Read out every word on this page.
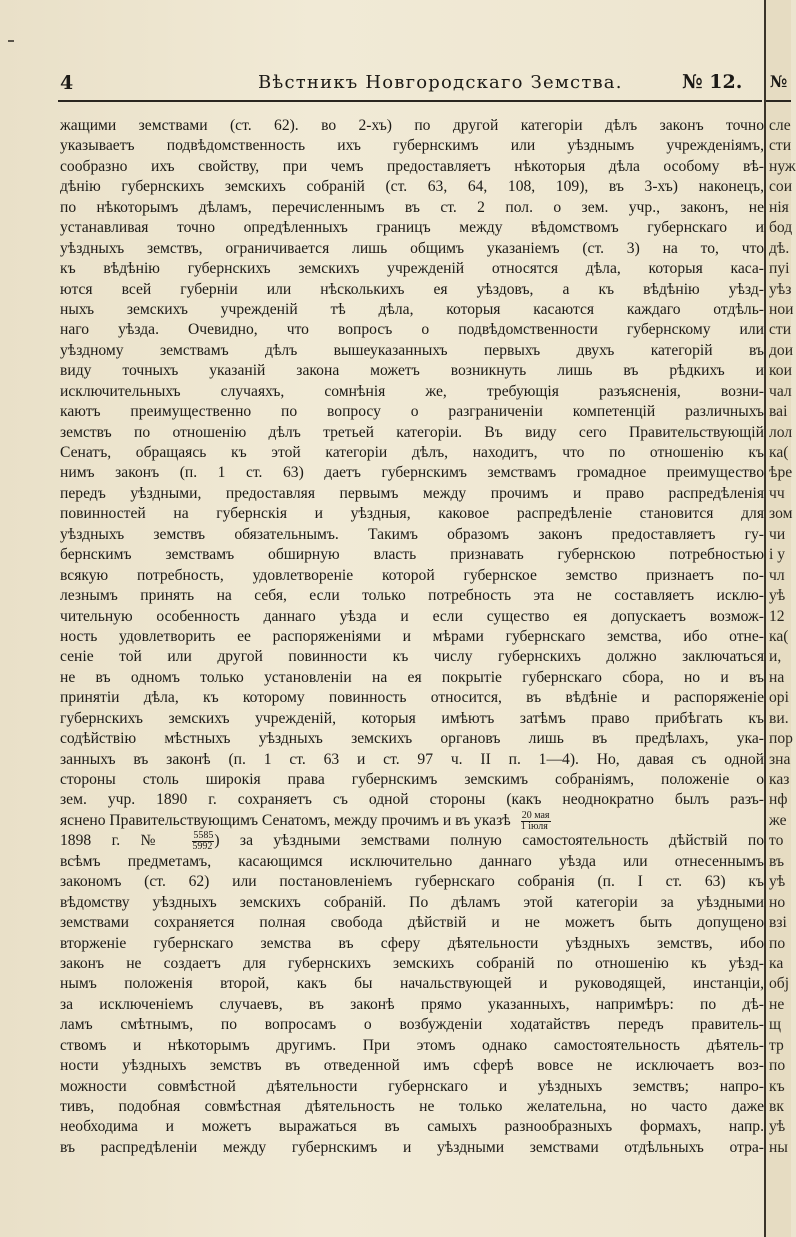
4	Вѣстникъ Новгородскаго Земства.	№ 12.
жащими земствами (ст. 62). во 2-хъ) по другой категоріи дѣлъ законъ точно
указываетъ подвѣдомственность ихъ губернскимъ или уѣзднымъ учрежденіямъ,
сообразно ихъ свойству, при чемъ предоставляетъ нѣкоторыя дѣла особому вѣ-
дѣнію губернскихъ земскихъ собраній (ст. 63, 64, 108, 109), въ 3-хъ) наконецъ,
по нѣкоторымъ дѣламъ, перечисленнымъ въ ст. 2 пол. о зем. учр., законъ, не
устанавливая точно опредѣленныхъ границъ между вѣдомствомъ губернскаго и
уѣздныхъ земствъ, ограничивается лишь общимъ указаніемъ (ст. 3) на то, что
къ вѣдѣнію губернскихъ земскихъ учрежденій относятся дѣла, которыя каса-
ются всей губерніи или нѣсколькихъ ея уѣздовъ, а къ вѣдѣнію уѣзд-
ныхъ земскихъ учрежденій тѣ дѣла, которыя касаются каждаго отдѣль-
наго уѣзда. Очевидно, что вопросъ о подвѣдомственности губернскому или
уѣздному земствамъ дѣлъ вышеуказанныхъ первыхъ двухъ категорій въ
виду точныхъ указаній закона можетъ возникнуть лишь въ рѣдкихъ и
исключительныхъ случаяхъ, сомнѣнія же, требующія разъясненія, возни-
каютъ преимущественно по вопросу о разграниченіи компетенцій различныхъ
земствъ по отношенію дѣлъ третьей категоріи. Въ виду сего Правительствующій
Сенатъ, обращаясь къ этой категоріи дѣлъ, находитъ, что по отношенію къ
нимъ законъ (п. 1 ст. 63) даетъ губернскимъ земствамъ громадное преимущество
передъ уѣздными, предоставляя первымъ между прочимъ и право распредѣленія
повинностей на губернскія и уѣздныя, каковое распредѣленіе становится для
уѣздныхъ земствъ обязательнымъ. Такимъ образомъ законъ предоставляетъ гу-
бернскимъ земствамъ обширную власть признавать губернскою потребностью
всякую потребность, удовлетвореніе которой губернское земство признаетъ по-
лезнымъ принять на себя, если только потребность эта не составляетъ исклю-
чительную особенность даннаго уѣзда и если существо ея допускаетъ возмож-
ность удовлетворить ее распоряженіями и мѣрами губернскаго земства, ибо отне-
сеніе той или другой повинности къ числу губернскихъ должно заключаться
не въ одномъ только установленіи на ея покрытіе губернскаго сбора, но и въ
принятіи дѣла, къ которому повинность относится, въ вѣдѣніе и распоряженіе
губернскихъ земскихъ учрежденій, которыя имѣютъ затѣмъ право прибѣгать къ
содѣйствію мѣстныхъ уѣздныхъ земскихъ органовъ лишь въ предѣлахъ, ука-
занныхъ въ законѣ (п. 1 ст. 63 и ст. 97 ч. II п. 1—4). Но, давая съ одной
стороны столь широкія права губернскимъ земскимъ собраніямъ, положеніе о
зем. учр. 1890 г. сохраняетъ съ одной стороны (какъ неоднократно былъ разъ-
яснено Правительствующимъ Сенатомъ, между прочимъ и въ указѣ $\frac{\text{20 мая}}{\text{1 іюля}}$
1898 г. № $\frac{5585}{5992}$ ) за уѣздными земствами полную самостоятельность дѣйствій по
всѣмъ предметамъ, касающимся исключительно даннаго уѣзда или отнесеннымъ
закономъ (ст. 62) или постановленіемъ губернскаго собранія (п. I ст. 63) къ
вѣдомству уѣздныхъ земскихъ собраній. По дѣламъ этой категоріи за уѣздными
земствами сохраняется полная свобода дѣйствій и не можетъ быть допущено
вторженіе губернскаго земства въ сферу дѣятельности уѣздныхъ земствъ, ибо
законъ не создаетъ для губернскихъ земскихъ собраній по отношенію къ уѣзд-
нымъ положенія второй, какъ бы начальствующей и руководящей, инстанціи,
за исключеніемъ случаевъ, въ законѣ прямо указанныхъ, напримѣръ: по дѣ-
ламъ смѣтнымъ, по вопросамъ о возбужденіи ходатайствъ передъ правитель-
ствомъ и нѣкоторымъ другимъ. При этомъ однако самостоятельность дѣятель-
ности уѣздныхъ земствъ въ отведенной имъ сферѣ вовсе не исключаетъ воз-
можности совмѣстной дѣятельности губернскаго и уѣздныхъ земствъ; напро-
тивъ, подобная совмѣстная дѣятельность не только желательна, но часто даже
необходима и можетъ выражаться въ самыхъ разнообразныхъ формахъ, напр.
въ распредѣленіи между губернскимъ и уѣздными земствами отдѣльныхъ отра-
№
сле
сти
нуж
сои
нія
бод
дѣ.
пуі
уѣз
нои
сти
дои
кои
чал
ваі
лол
ка(
ѣре
чч
зом
чи
і у
чл
уѣ
12
ка(
и,
на
орі
ви.
пор
зна
каз
нф
же
то
въ
уѣ
но
взі
по
ка
обј
не
щ
тр
по
къ
вк
уѣ
ны
